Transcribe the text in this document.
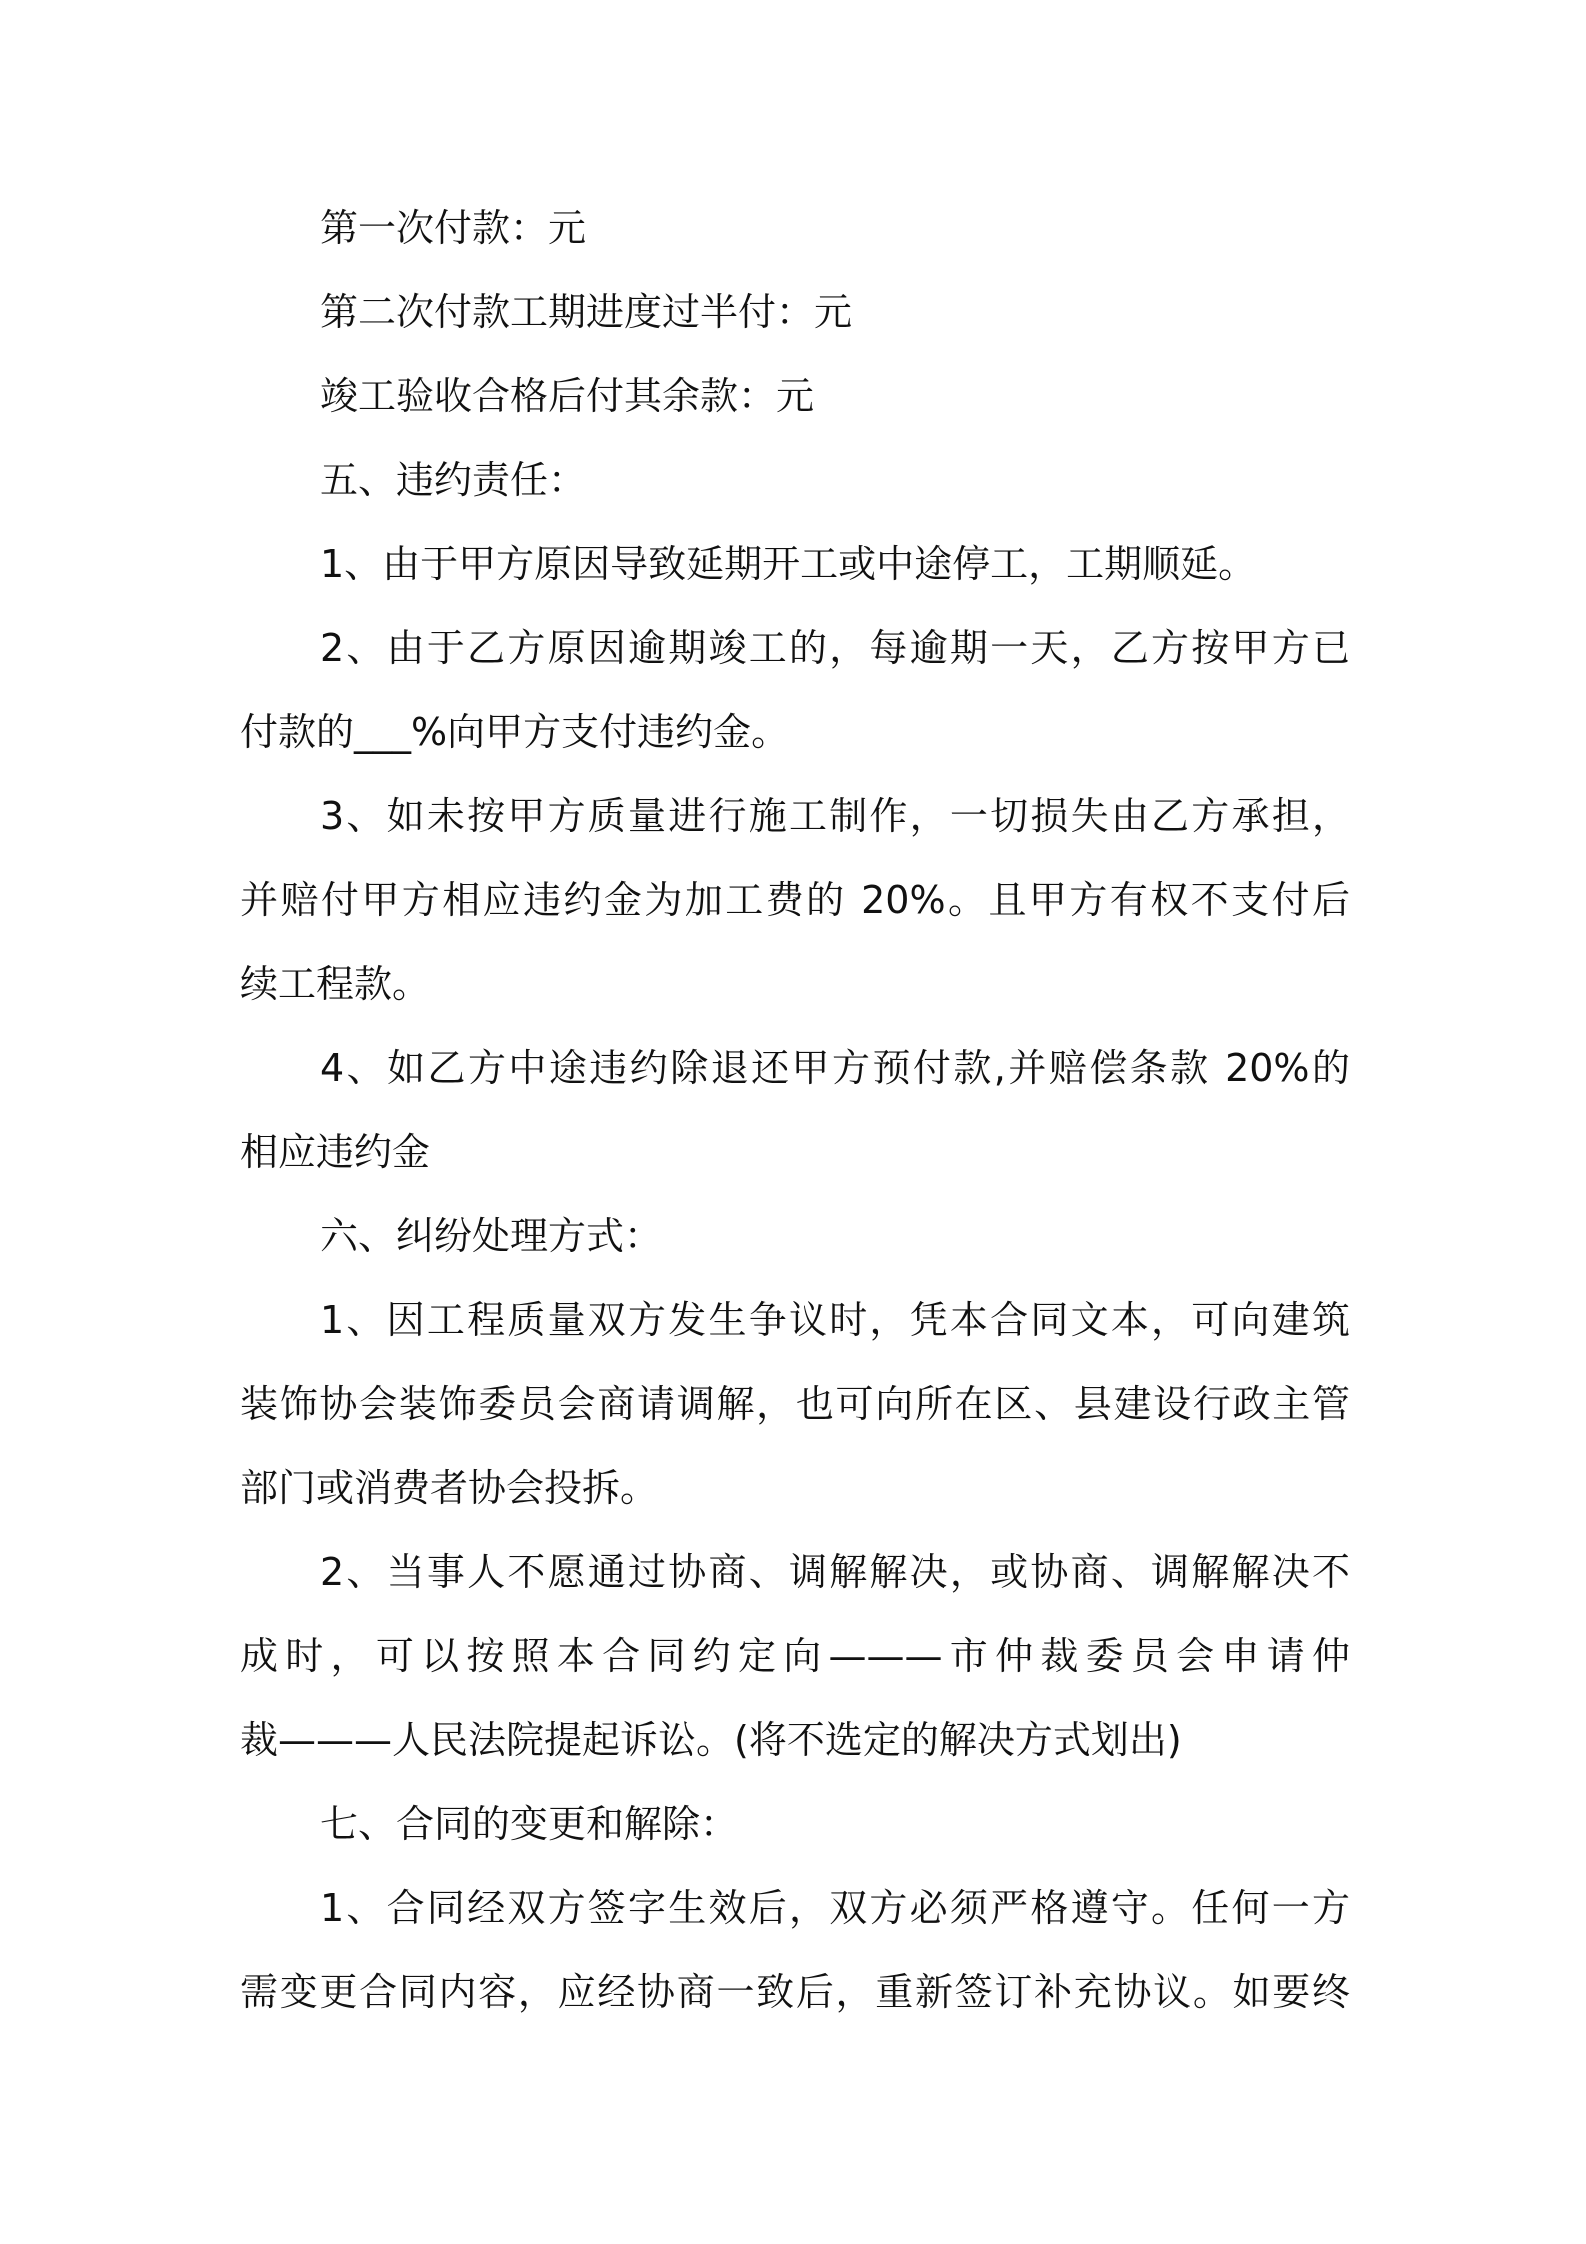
第一次付款：元
第二次付款工期进度过半付：元
竣工验收合格后付其余款：元
五、违约责任：
1、由于甲方原因导致延期开工或中途停工，工期顺延。
2、由于乙方原因逾期竣工的，每逾期一天，乙方按甲方已
付款的___%向甲方支付违约金。
3、如未按甲方质量进行施工制作，一切损失由乙方承担，
并赔付甲方相应违约金为加工费的 20%。且甲方有权不支付后
续工程款。
4、如乙方中途违约除退还甲方预付款,并赔偿条款 20%的
相应违约金
六、纠纷处理方式：
1、因工程质量双方发生争议时，凭本合同文本，可向建筑
装饰协会装饰委员会商请调解，也可向所在区、县建设行政主管
部门或消费者协会投拆。
2、当事人不愿通过协商、调解解决，或协商、调解解决不
成时，可以按照本合同约定向———市仲裁委员会申请仲
裁———人民法院提起诉讼。(将不选定的解决方式划出)
七、合同的变更和解除：
1、合同经双方签字生效后，双方必须严格遵守。任何一方
需变更合同内容，应经协商一致后，重新签订补充协议。如要终
